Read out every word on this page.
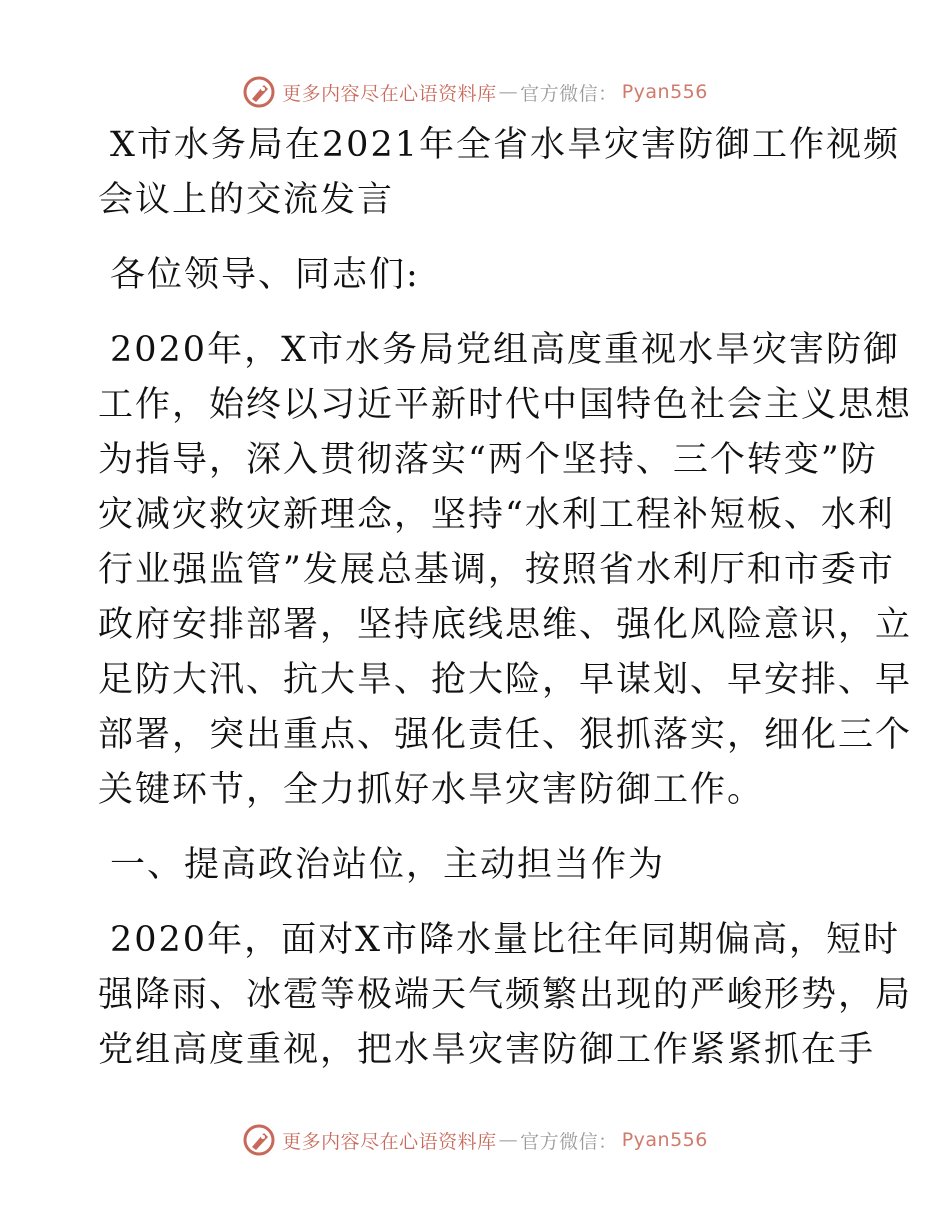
更多内容尽在心语资料库 — 官方微信 ： Pyan556
X市水务局在2021年全省水旱灾害防御工作视频
会议上的交流发言
各位领导、同志们:
2020年，X市水务局党组高度重视水旱灾害防御
工作，始终以习近平新时代中国特色社会主义思想
为指导，深入贯彻落实“两个坚持、三个转变”防
灾减灾救灾新理念，坚持“水利工程补短板、水利
行业强监管”发展总基调，按照省水利厅和市委市
政府安排部署，坚持底线思维、强化风险意识，立
足防大汛、抗大旱、抢大险，早谋划、早安排、早
部署，突出重点、强化责任、狠抓落实，细化三个
关键环节，全力抓好水旱灾害防御工作。
一、提高政治站位，主动担当作为
2020年，面对X市降水量比往年同期偏高，短时
强降雨、冰雹等极端天气频繁出现的严峻形势，局
党组高度重视，把水旱灾害防御工作紧紧抓在手
更多内容尽在心语资料库 — 官方微信 ： Pyan556
